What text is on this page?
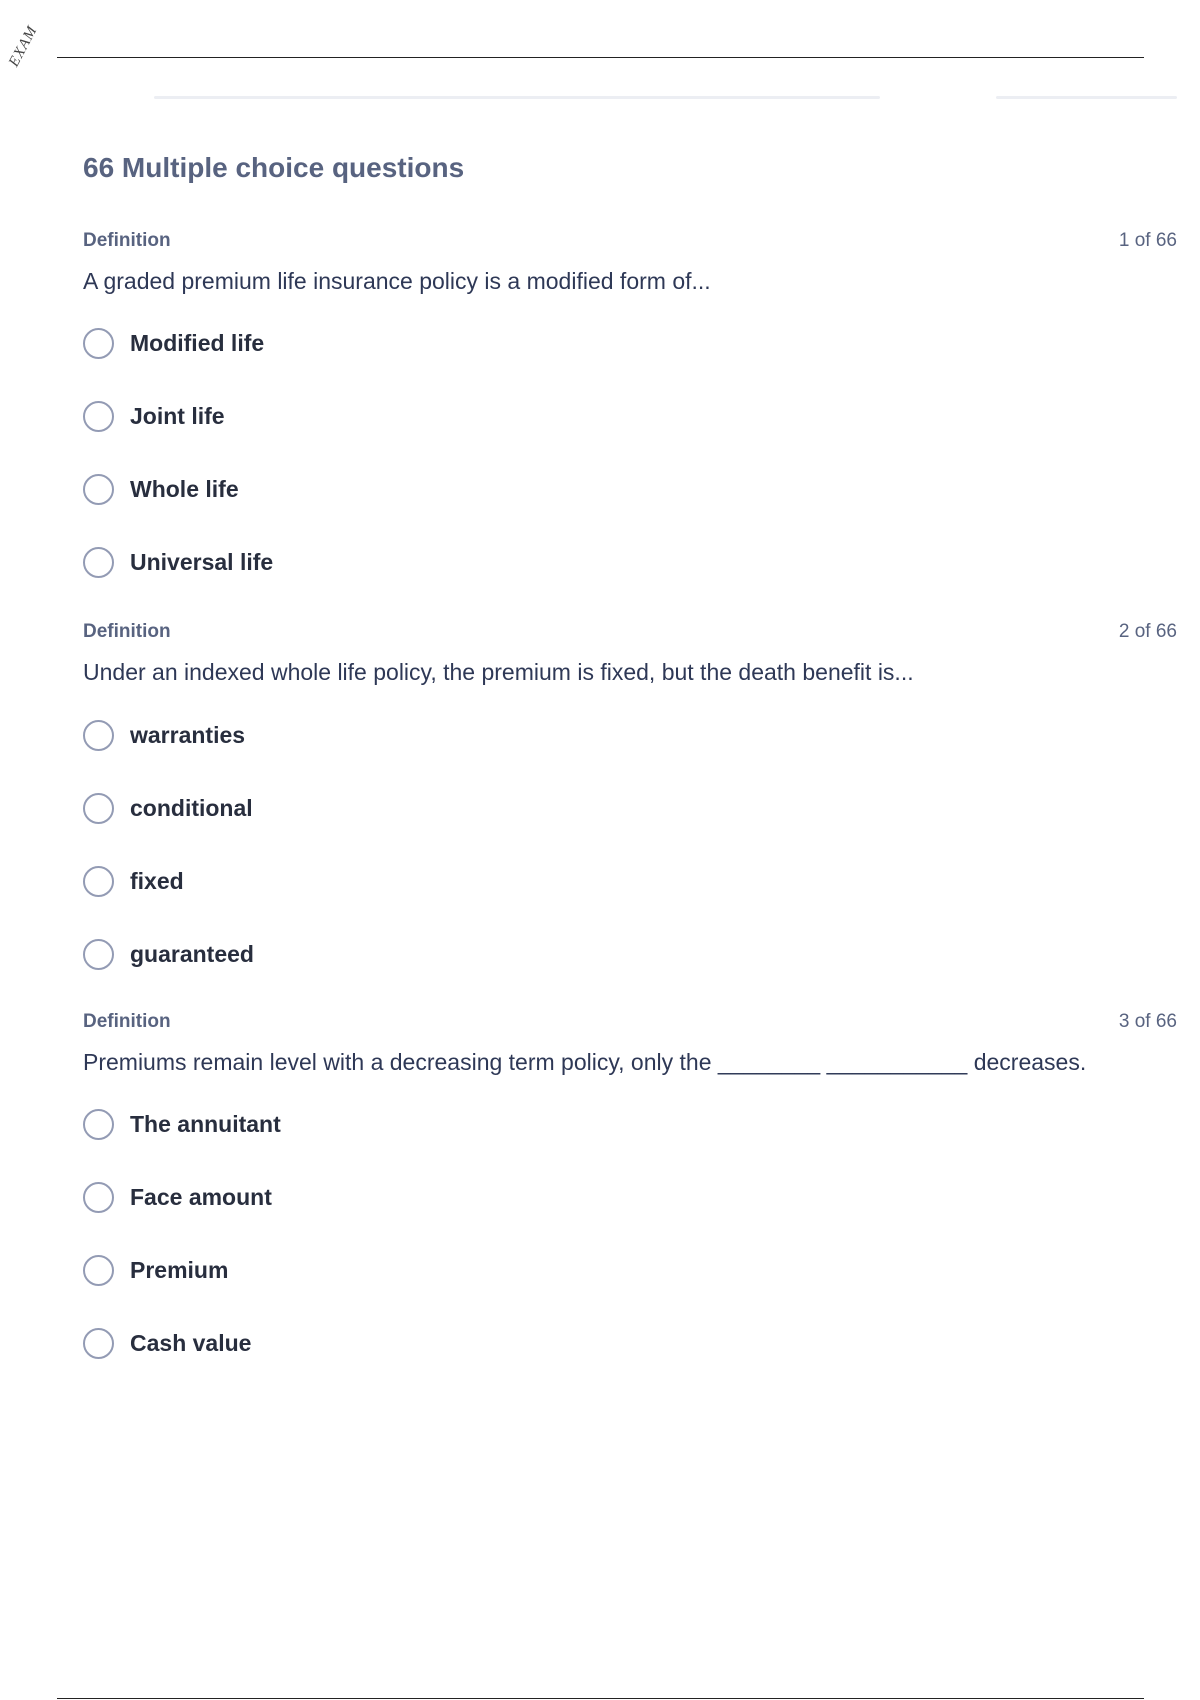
EXAM
66 Multiple choice questions
Definition	1 of 66
A graded premium life insurance policy is a modified form of...
Modified life
Joint life
Whole life
Universal life
Definition	2 of 66
Under an indexed whole life policy, the premium is fixed, but the death benefit is...
warranties
conditional
fixed
guaranteed
Definition	3 of 66
Premiums remain level with a decreasing term policy, only the ________ ___________ decreases.
The annuitant
Face amount
Premium
Cash value
